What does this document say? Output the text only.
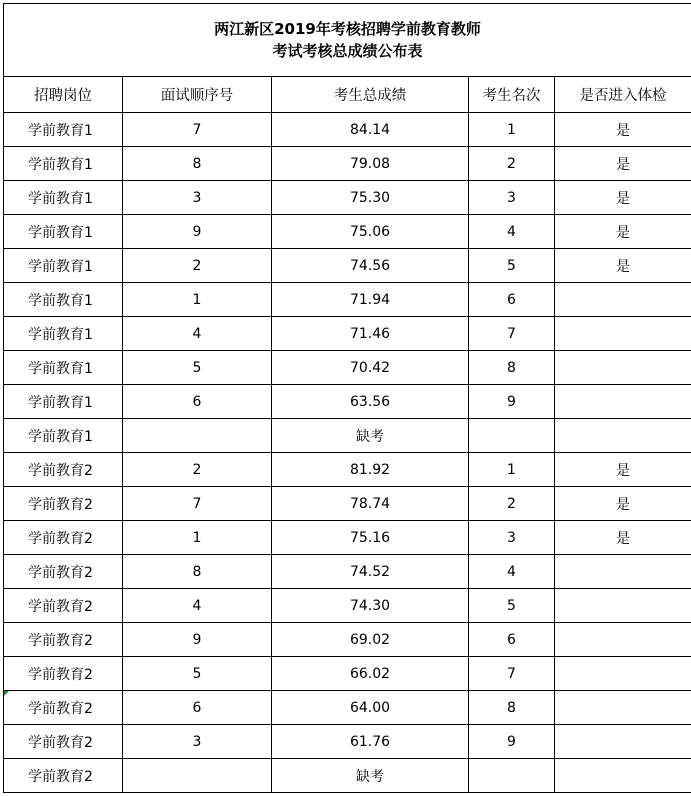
两江新区2019年考核招聘学前教育教师
考试考核总成绩公布表				

招聘岗位	面试顺序号	考生总成绩	考生名次	是否进入体检
学前教育1	7	84.14	1	是
学前教育1	8	79.08	2	是
学前教育1	3	75.30	3	是
学前教育1	9	75.06	4	是
学前教育1	2	74.56	5	是
学前教育1	1	71.94	6	
学前教育1	4	71.46	7	
学前教育1	5	70.42	8	
学前教育1	6	63.56	9	
学前教育1		缺考		
学前教育2	2	81.92	1	是
学前教育2	7	78.74	2	是
学前教育2	1	75.16	3	是
学前教育2	8	74.52	4	
学前教育2	4	74.30	5	
学前教育2	9	69.02	6	
学前教育2	5	66.02	7	
学前教育2	6	64.00	8	
学前教育2	3	61.76	9	
学前教育2		缺考		
